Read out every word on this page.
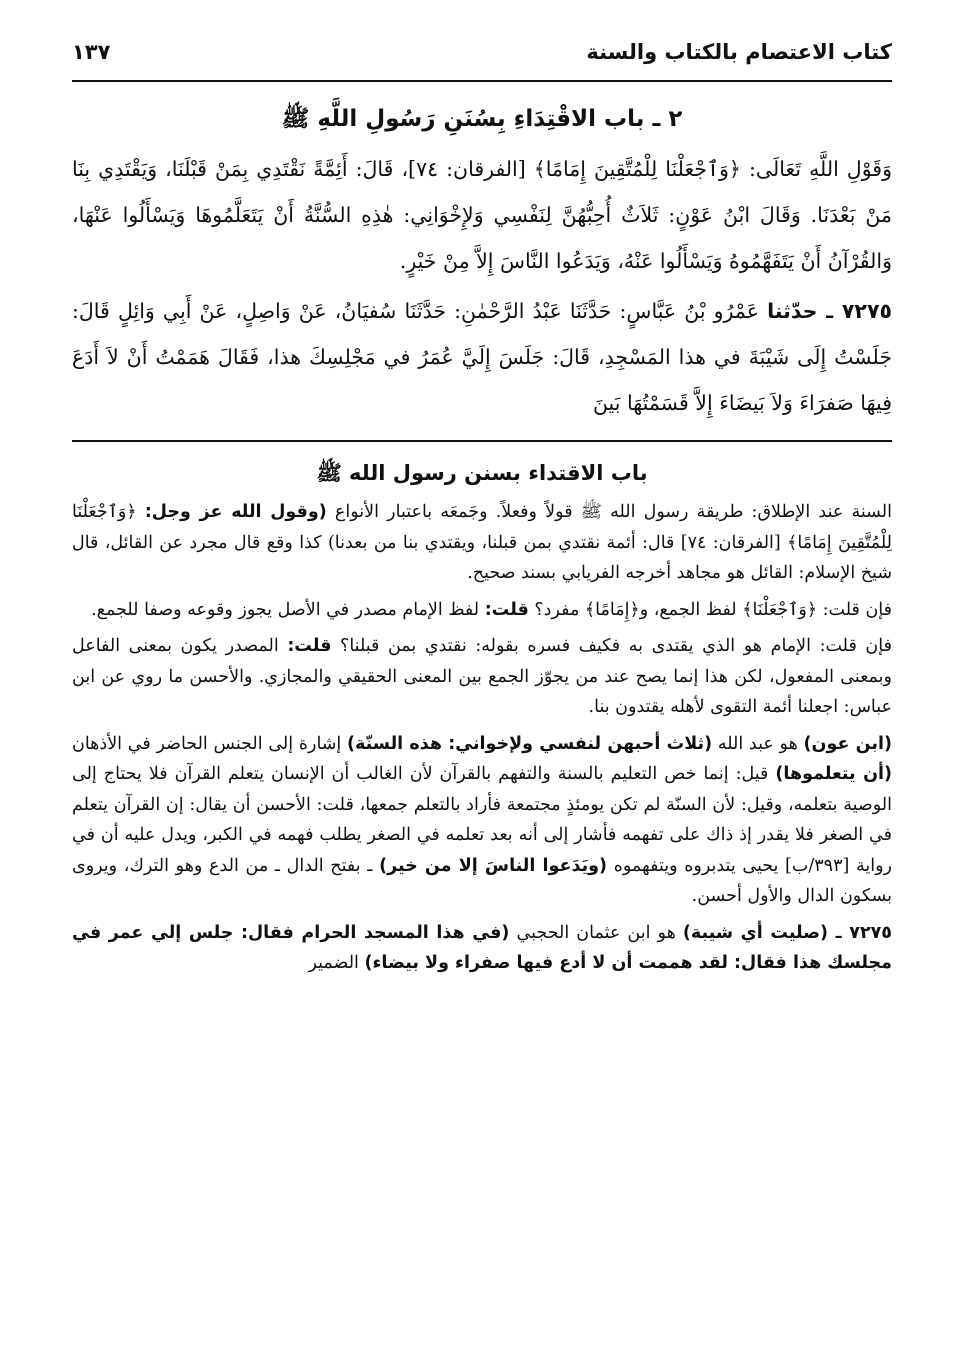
كتاب الاعتصام بالكتاب والسنة
١٣٧
٢ ـ باب الاقْتِدَاءِ بِسُنَنِ رَسُولِ اللَّهِ ﷺ

وَقَوْلِ اللَّهِ تَعَالَى: ﴿وَٱجْعَلْنَا لِلْمُتَّقِينَ إِمَامًا﴾ [الفرقان: ٧٤]، قَالَ: أَئِمَّةً نَقْتَدِي بِمَنْ قَبْلَنَا، وَيَقْتَدِي بِنَا مَنْ بَعْدَنَا. وَقَالَ ابْنُ عَوْنٍ: ثَلاَثٌ أُحِبُّهُنَّ لِنَفْسِي وَلإِخْوَانِي: هٰذِهِ السُّنَّةُ أَنْ يَتَعَلَّمُوهَا وَيَسْأَلُوا عَنْهَا، وَالقُرْآنُ أَنْ يَتَفَهَّمُوهُ وَيَسْأَلُوا عَنْهُ، وَيَدَعُوا النَّاسَ إِلاَّ مِنْ خَيْرٍ.

٧٢٧٥ ـ حدّثنا عَمْرُو بْنُ عَبَّاسٍ: حَدَّثَنَا عَبْدُ الرَّحْمٰنِ: حَدَّثَنَا سُفيَانُ، عَنْ وَاصِلٍ، عَنْ أَبِي وَائِلٍ قَالَ: جَلَسْتُ إِلَى شَيْبَةَ في هذا المَسْجِدِ، قَالَ: جَلَسَ إِلَيَّ عُمَرُ في مَجْلِسِكَ هذا، فَقَالَ هَمَمْتُ أَنْ لاَ أَدَعَ فِيهَا صَفرَاءَ وَلاَ بَيضَاءَ إِلاَّ قَسَمْتُهَا بَينَ

باب الاقتداء بسنن رسول الله ﷺ

السنة عند الإطلاق: طريقة رسول الله ﷺ قولاً وفعلاً. وجَمعَه باعتبار الأنواع (وقول الله عز وجل: ﴿وَٱجْعَلْنَا لِلْمُتَّقِينَ إِمَامًا﴾ [الفرقان: ٧٤] قال: أئمة نقتدي بمن قبلنا، ويقتدي بنا من بعدنا) كذا وقع قال مجرد عن القائل، قال شيخ الإسلام: القائل هو مجاهد أخرجه الفريابي بسند صحيح.

فإن قلت: ﴿وَٱجْعَلْنَا﴾ لفظ الجمع، و﴿إِمَامًا﴾ مفرد؟ قلت: لفظ الإمام مصدر في الأصل يجوز وقوعه وصفا للجمع.

فإن قلت: الإمام هو الذي يقتدى به فكيف فسره بقوله: نقتدي بمن قبلنا؟ قلت: المصدر يكون بمعنى الفاعل وبمعنى المفعول، لكن هذا إنما يصح عند من يجوّز الجمع بين المعنى الحقيقي والمجازي. والأحسن ما روي عن ابن عباس: اجعلنا أئمة التقوى لأهله يقتدون بنا.

(ابن عون) هو عبد الله (ثلاث أحبهن لنفسي ولإخواني: هذه السنّة) إشارة إلى الجنس الحاضر في الأذهان (أن يتعلموها) قيل: إنما خص التعليم بالسنة والتفهم بالقرآن لأن الغالب أن الإنسان يتعلم القرآن فلا يحتاج إلى الوصية بتعلمه، وقيل: لأن السنّة لم تكن يومئذٍ مجتمعة فأراد بالتعلم جمعها، قلت: الأحسن أن يقال: إن القرآن يتعلم في الصغر فلا يقدر إذ ذاك على تفهمه فأشار إلى أنه بعد تعلمه في الصغر يطلب فهمه في الكبر، ويدل عليه أن في رواية [٣٩٣/ب] يحيى يتدبروه ويتفهموه (ويَدَعوا الناسَ إلا من خير) ـ بفتح الدال ـ من الدع وهو الترك، ويروى بسكون الدال والأول أحسن.

٧٢٧٥ ـ (صليت أي شيبة) هو ابن عثمان الحجبي (في هذا المسجد الحرام فقال: جلس إلي عمر في مجلسك هذا فقال: لقد هممت أن لا أدع فيها صفراء ولا بيضاء) الضمير
